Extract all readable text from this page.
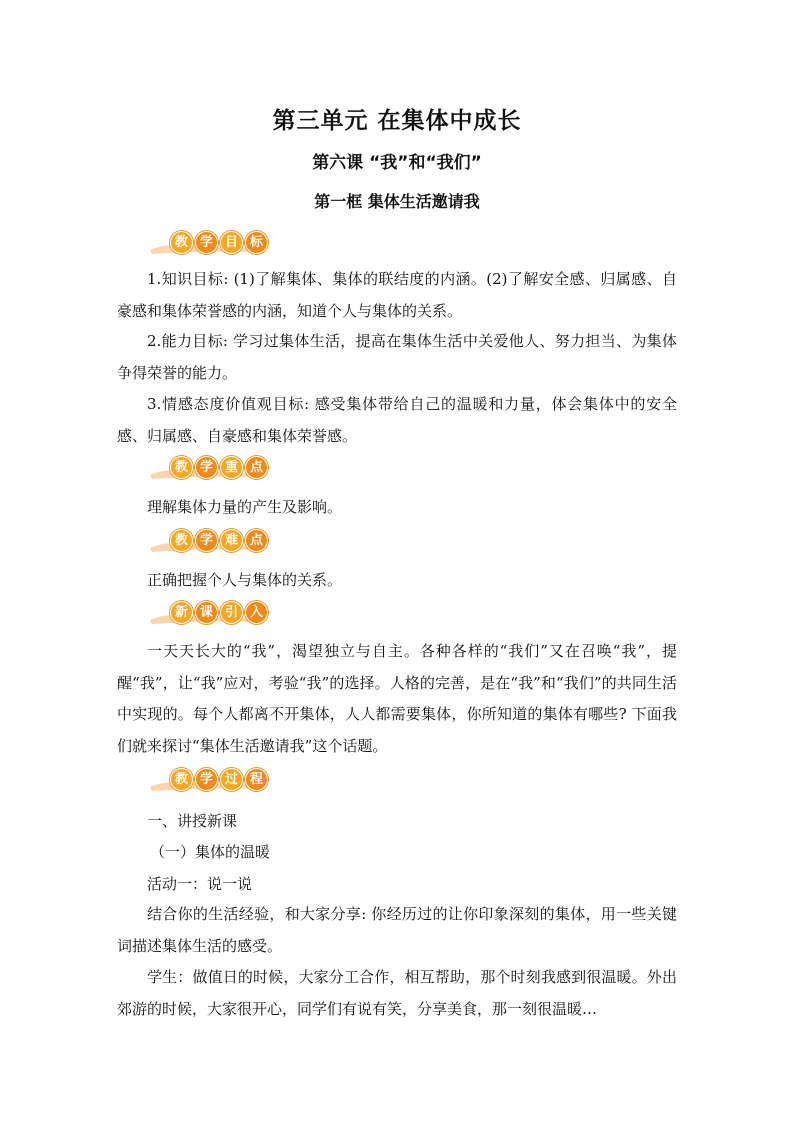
第三单元 在集体中成长
第六课 “我”和“我们”
第一框 集体生活邀请我
教 学 目 标
1.知识目标: (1)了解集体、集体的联结度的内涵。(2)了解安全感、归属感、自豪感和集体荣誉感的内涵，知道个人与集体的关系。
2.能力目标: 学习过集体生活，提高在集体生活中关爱他人、努力担当、为集体争得荣誉的能力。
3.情感态度价值观目标: 感受集体带给自己的温暖和力量，体会集体中的安全感、归属感、自豪感和集体荣誉感。
教 学 重 点
理解集体力量的产生及影响。
教 学 难 点
正确把握个人与集体的关系。
新 课 引 入
一天天长大的“我”，渴望独立与自主。各种各样的“我们”又在召唤“我”，提醒“我”，让“我”应对，考验“我”的选择。人格的完善，是在“我”和“我们”的共同生活中实现的。每个人都离不开集体，人人都需要集体，你所知道的集体有哪些? 下面我们就来探讨“集体生活邀请我”这个话题。
教 学 过 程
一、讲授新课
（一）集体的温暖
活动一：说一说
结合你的生活经验，和大家分享: 你经历过的让你印象深刻的集体，用一些关键词描述集体生活的感受。
学生：做值日的时候，大家分工合作，相互帮助，那个时刻我感到很温暖。外出郊游的时候，大家很开心，同学们有说有笑，分享美食，那一刻很温暖…
